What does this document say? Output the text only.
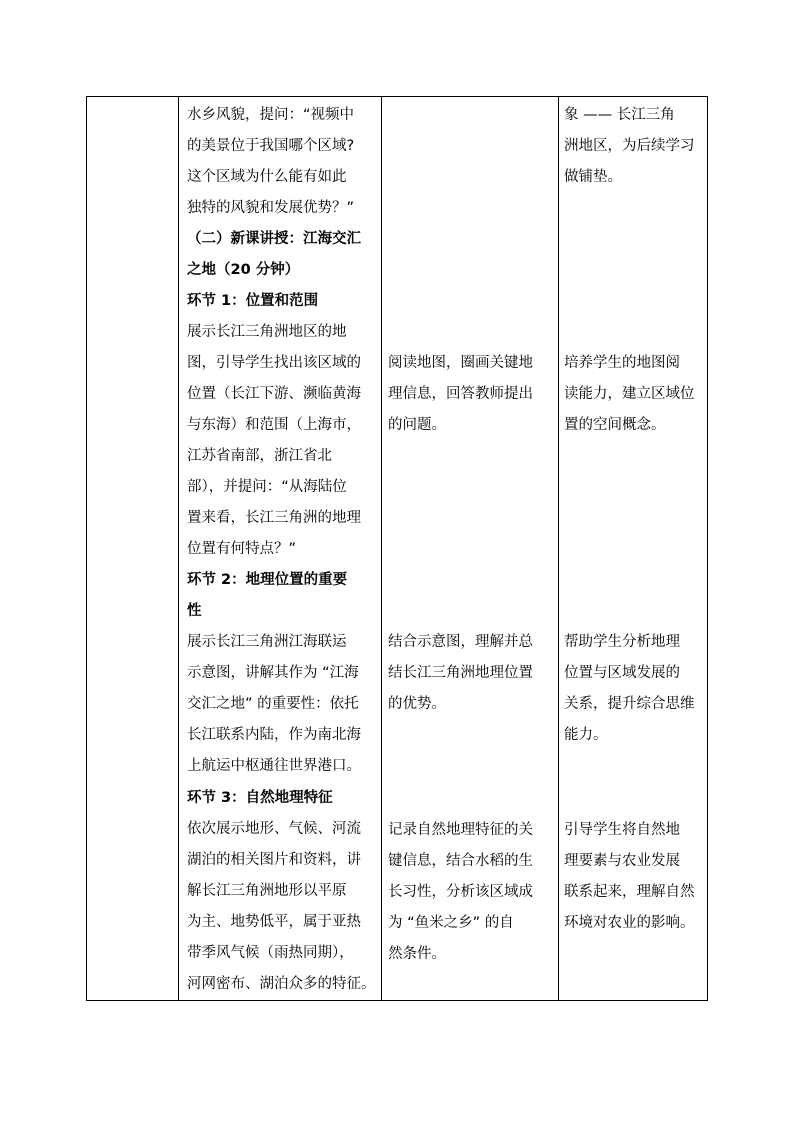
水乡风貌，提问：“视频中
的美景位于我国哪个区域?
这个区域为什么能有如此
独特的风貌和发展优势？”
（二）新课讲授：江海交汇
之地（20 分钟）
环节 1：位置和范围
展示长江三角洲地区的地
图，引导学生找出该区域的
位置（长江下游、濒临黄海
与东海）和范围（上海市，
江苏省南部，浙江省北
部），并提问：“从海陆位
置来看，长江三角洲的地理
位置有何特点？”
环节 2：地理位置的重要
性
展示长江三角洲江海联运
示意图，讲解其作为 “江海
交汇之地” 的重要性：依托
长江联系内陆，作为南北海
上航运中枢通往世界港口。
环节 3：自然地理特征
依次展示地形、气候、河流
湖泊的相关图片和资料，讲
解长江三角洲地形以平原
为主、地势低平，属于亚热
带季风气候（雨热同期），
河网密布、湖泊众多的特征。
阅读地图，圈画关键地
理信息，回答教师提出
的问题。
结合示意图，理解并总
结长江三角洲地理位置
的优势。
记录自然地理特征的关
键信息，结合水稻的生
长习性，分析该区域成
为 “鱼米之乡” 的自
然条件。
象 —— 长江三角
洲地区，为后续学习
做铺垫。
培养学生的地图阅
读能力，建立区域位
置的空间概念。
帮助学生分析地理
位置与区域发展的
关系，提升综合思维
能力。
引导学生将自然地
理要素与农业发展
联系起来，理解自然
环境对农业的影响。
